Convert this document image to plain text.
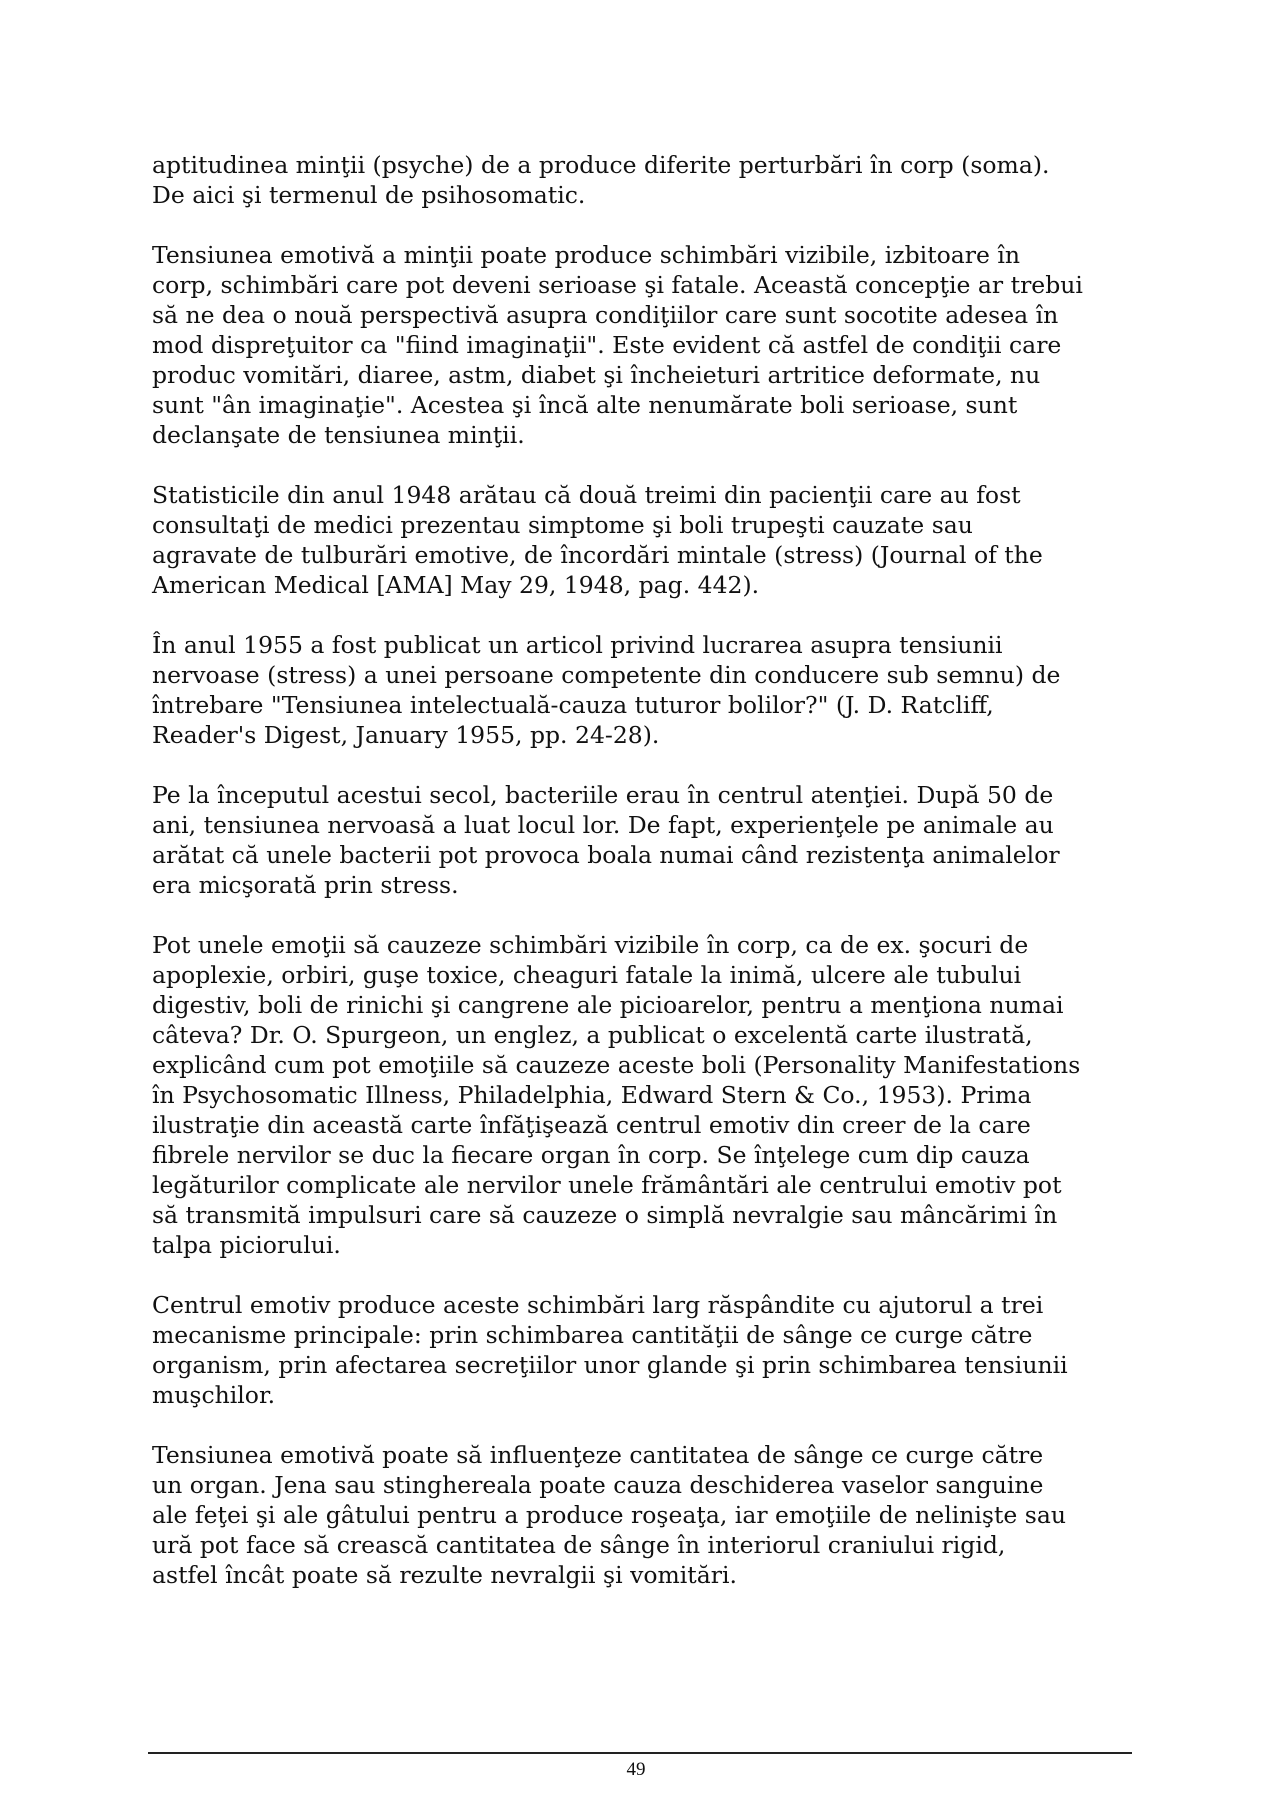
aptitudinea minţii (psyche) de a produce diferite perturbări în corp (soma).
De aici şi termenul de psihosomatic.

Tensiunea emotivă a minţii poate produce schimbări vizibile, izbitoare în
corp, schimbări care pot deveni serioase şi fatale. Această concepţie ar trebui
să ne dea o nouă perspectivă asupra condiţiilor care sunt socotite adesea în
mod dispreţuitor ca "fiind imaginaţii". Este evident că astfel de condiţii care
produc vomitări, diaree, astm, diabet şi încheieturi artritice deformate, nu
sunt "ân imaginaţie". Acestea şi încă alte nenumărate boli serioase, sunt
declanşate de tensiunea minţii.

Statisticile din anul 1948 arătau că două treimi din pacienţii care au fost
consultaţi de medici prezentau simptome şi boli trupeşti cauzate sau
agravate de tulburări emotive, de încordări mintale (stress) (Journal of the
American Medical [AMA] May 29, 1948, pag. 442).

În anul 1955 a fost publicat un articol privind lucrarea asupra tensiunii
nervoase (stress) a unei persoane competente din conducere sub semnu) de
întrebare "Tensiunea intelectuală-cauza tuturor bolilor?" (J. D. Ratcliff,
Reader's Digest, January 1955, pp. 24-28).

Pe la începutul acestui secol, bacteriile erau în centrul atenţiei. După 50 de
ani, tensiunea nervoasă a luat locul lor. De fapt, experienţele pe animale au
arătat că unele bacterii pot provoca boala numai când rezistenţa animalelor
era micşorată prin stress.

Pot unele emoţii să cauzeze schimbări vizibile în corp, ca de ex. şocuri de
apoplexie, orbiri, guşe toxice, cheaguri fatale la inimă, ulcere ale tubului
digestiv, boli de rinichi şi cangrene ale picioarelor, pentru a menţiona numai
câteva? Dr. O. Spurgeon, un englez, a publicat o excelentă carte ilustrată,
explicând cum pot emoţiile să cauzeze aceste boli (Personality Manifestations
în Psychosomatic Illness, Philadelphia, Edward Stern & Co., 1953). Prima
ilustraţie din această carte înfăţişează centrul emotiv din creer de la care
fibrele nervilor se duc la fiecare organ în corp. Se înţelege cum dip cauza
legăturilor complicate ale nervilor unele frământări ale centrului emotiv pot
să transmită impulsuri care să cauzeze o simplă nevralgie sau mâncărimi în
talpa piciorului.

Centrul emotiv produce aceste schimbări larg răspândite cu ajutorul a trei
mecanisme principale: prin schimbarea cantităţii de sânge ce curge către
organism, prin afectarea secreţiilor unor glande şi prin schimbarea tensiunii
muşchilor.

Tensiunea emotivă poate să influenţeze cantitatea de sânge ce curge către
un organ. Jena sau stinghereala poate cauza deschiderea vaselor sanguine
ale feţei şi ale gâtului pentru a produce roşeaţa, iar emoţiile de nelinişte sau
ură pot face să crească cantitatea de sânge în interiorul craniului rigid,
astfel încât poate să rezulte nevralgii şi vomitări.

49
